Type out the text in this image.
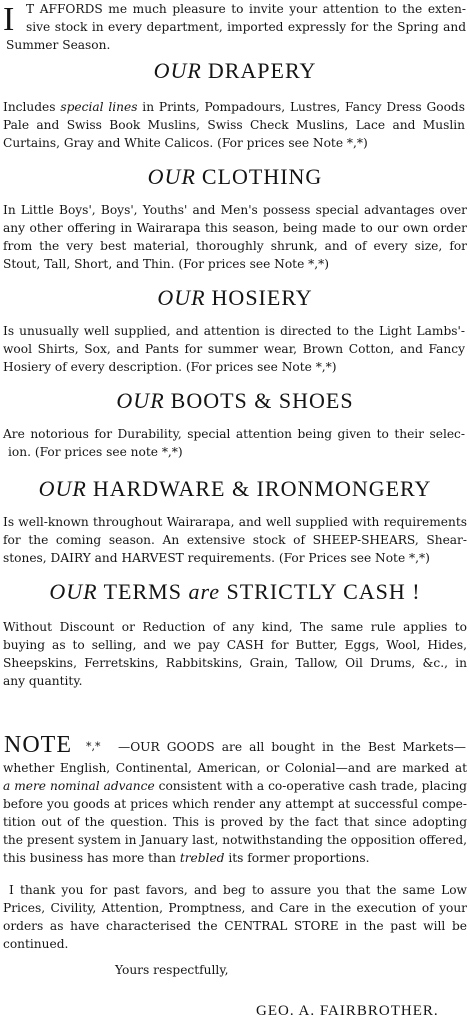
I T AFFORDS me much pleasure to invite your attention to the exten-

sive stock in every department, imported expressly for the Spring and

Summer Season.

OUR DRAPERY

Includes special lines in Prints, Pompadours, Lustres, Fancy Dress Goods

Pale and Swiss Book Muslins, Swiss Check Muslins, Lace and Muslin

Curtains, Gray and White Calicos. (For prices see Note *,*)

OUR CLOTHING

In Little Boys', Boys', Youths' and Men's possess special advantages over

any other offering in Wairarapa this season, being made to our own order

from the very best material, thoroughly shrunk, and of every size, for

Stout, Tall, Short, and Thin. (For prices see Note *,*)

OUR HOSIERY

Is unusually well supplied, and attention is directed to the Light Lambs'-

wool Shirts, Sox, and Pants for summer wear, Brown Cotton, and Fancy

Hosiery of every description. (For prices see Note *,*)

OUR BOOTS & SHOES

Are notorious for Durability, special attention being given to their selec-

ion. (For prices see note *,*)

OUR HARDWARE & IRONMONGERY

Is well-known throughout Wairarapa, and well supplied with requirements

for the coming season. An extensive stock of SHEEP-SHEARS, Shear-

stones, DAIRY and HARVEST requirements. (For Prices see Note *,*)

OUR TERMS are STRICTLY CASH !

Without Discount or Reduction of any kind, The same rule applies to

buying as to selling, and we pay CASH for Butter, Eggs, Wool, Hides,

Sheepskins, Ferretskins, Rabbitskins, Grain, Tallow, Oil Drums, &c., in

any quantity.

NOTE *,* —OUR GOODS are all bought in the Best Markets—

whether English, Continental, American, or Colonial—and are marked at

a mere nominal advance consistent with a co-operative cash trade, placing

before you goods at prices which render any attempt at successful compe-

tition out of the question. This is proved by the fact that since adopting

the present system in January last, notwithstanding the opposition offered,

this business has more than trebled its former proportions.

I thank you for past favors, and beg to assure you that the same Low

Prices, Civility, Attention, Promptness, and Care in the execution of your

orders as have characterised the CENTRAL STORE in the past will be

continued.

Yours respectfully,

GEO. A. FAIRBROTHER.
